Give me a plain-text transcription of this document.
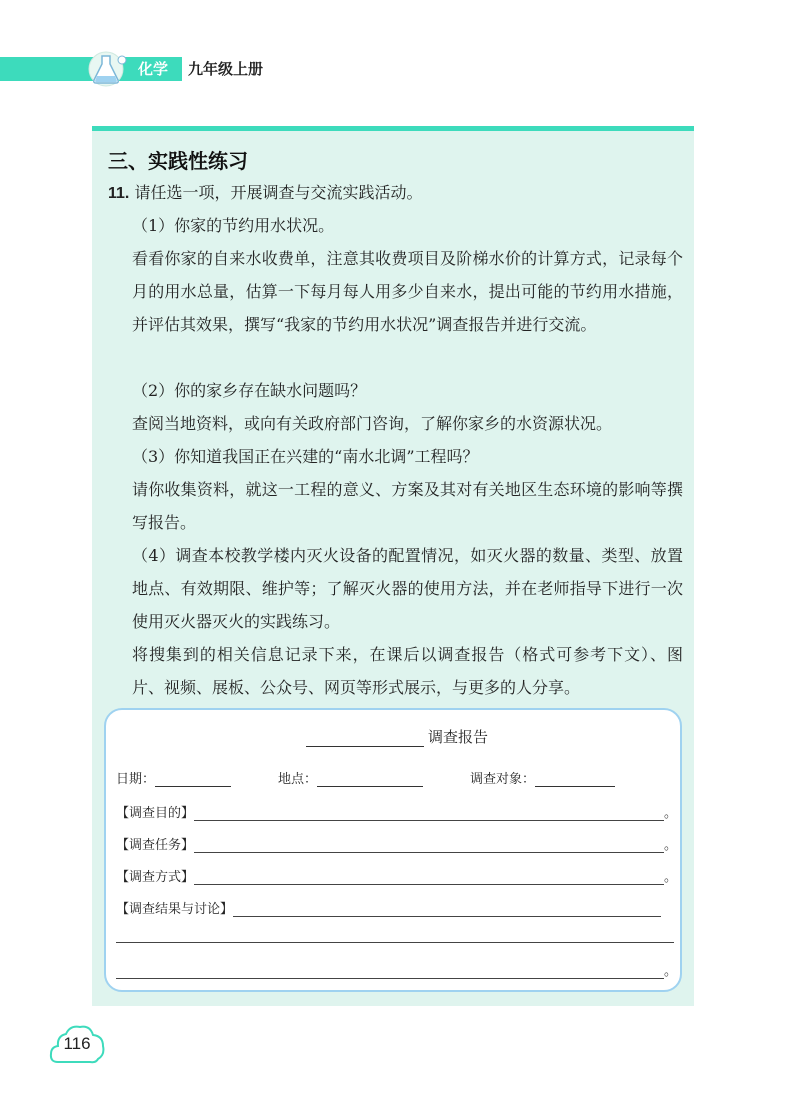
化学	九年级上册
三、实践性练习
11. 请任选一项，开展调查与交流实践活动。
（1）你家的节约用水状况。
看看你家的自来水收费单，注意其收费项目及阶梯水价的计算方式，记录每个月的用水总量，估算一下每月每人用多少自来水，提出可能的节约用水措施，并评估其效果，撰写“我家的节约用水状况”调查报告并进行交流。
（2）你的家乡存在缺水问题吗？
查阅当地资料，或向有关政府部门咨询，了解你家乡的水资源状况。
（3）你知道我国正在兴建的“南水北调”工程吗？
请你收集资料，就这一工程的意义、方案及其对有关地区生态环境的影响等撰写报告。
（4）调查本校教学楼内灭火设备的配置情况，如灭火器的数量、类型、放置地点、有效期限、维护等；了解灭火器的使用方法，并在老师指导下进行一次使用灭火器灭火的实践练习。
将搜集到的相关信息记录下来，在课后以调查报告（格式可参考下文）、图片、视频、展板、公众号、网页等形式展示，与更多的人分享。
调查报告
日期：	地点：	调查对象：
【调查目的】	。
【调查任务】	。
【调查方式】	。
【调查结果与讨论】
。
116
